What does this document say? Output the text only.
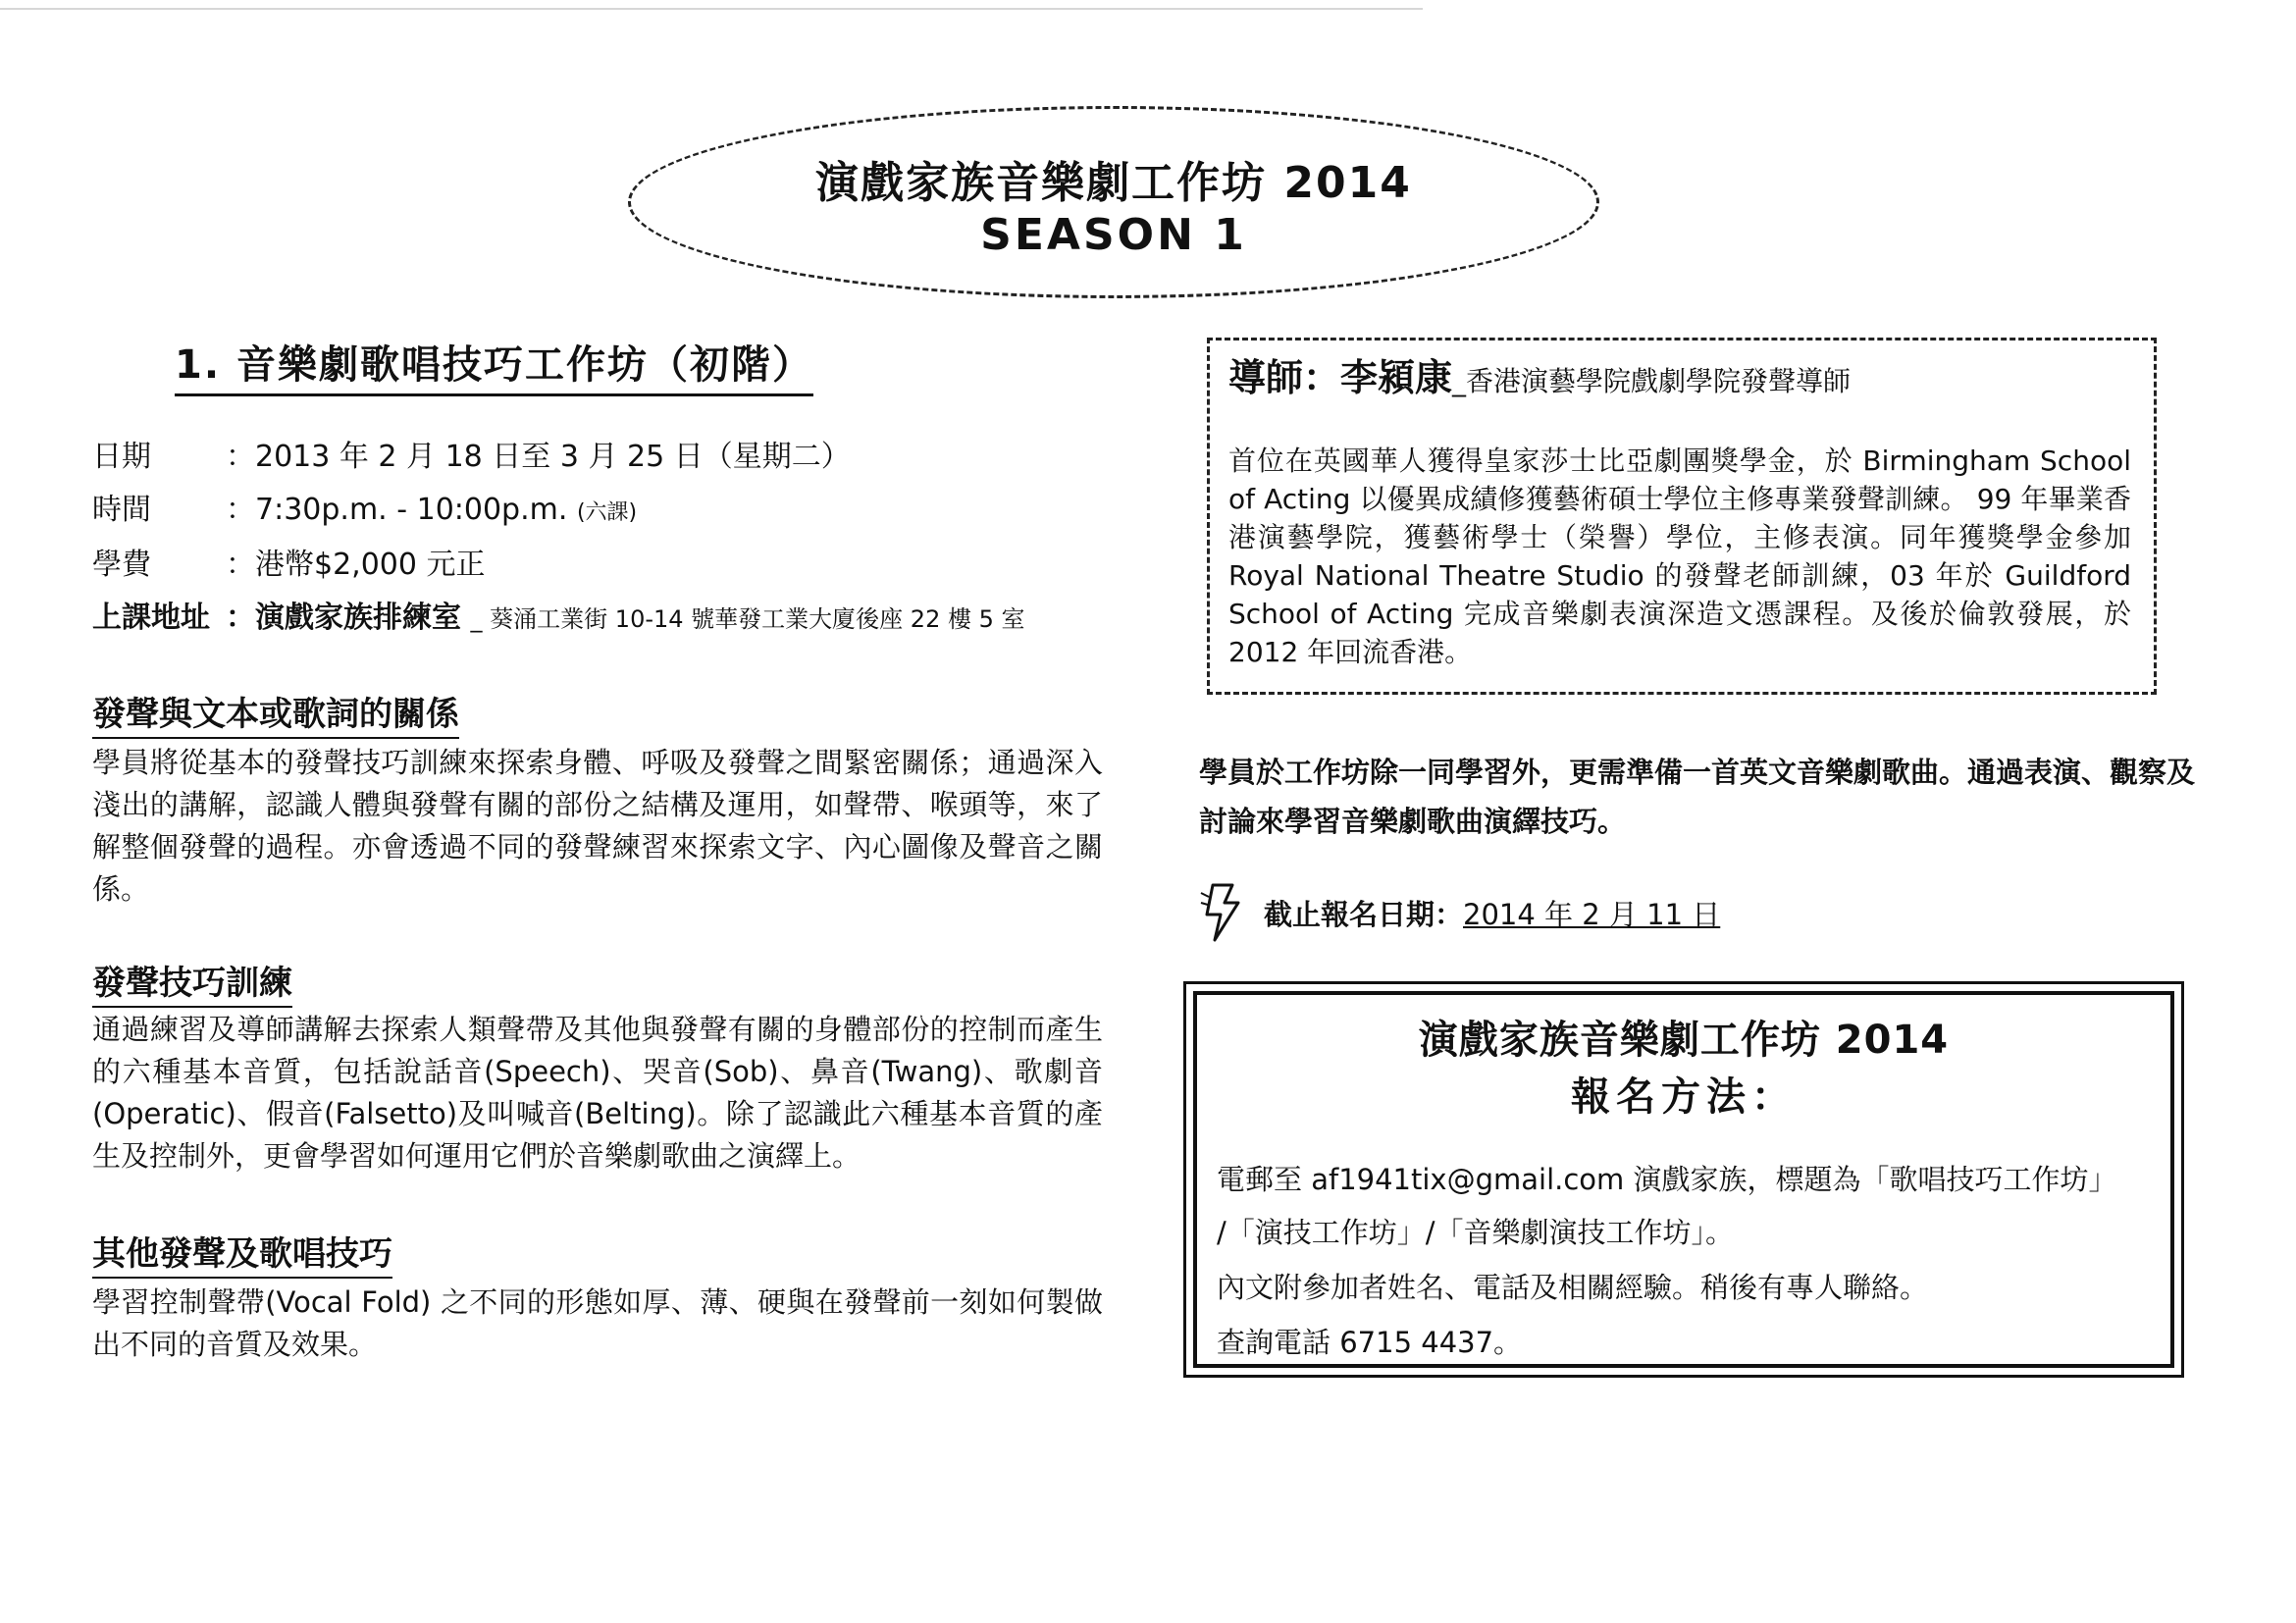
演戲家族音樂劇工作坊 2014
SEASON 1
1. 音樂劇歌唱技巧工作坊（初階）
日期	：2013 年 2 月 18 日至 3 月 25 日（星期二）
時間	：7:30p.m. - 10:00p.m. (六課)
學費	：港幣$2,000 元正
上課地址 ：演戲家族排練室 _ 葵涌工業街 10-14 號華發工業大廈後座 22 樓 5 室
發聲與文本或歌詞的關係
學員將從基本的發聲技巧訓練來探索身體、呼吸及發聲之間緊密關係；通過深入淺出的講解，認識人體與發聲有關的部份之結構及運用，如聲帶、喉頭等，來了解整個發聲的過程。亦會透過不同的發聲練習來探索文字、內心圖像及聲音之關係。
發聲技巧訓練
通過練習及導師講解去探索人類聲帶及其他與發聲有關的身體部份的控制而產生的六種基本音質，包括說話音(Speech)、哭音(Sob)、鼻音(Twang)、歌劇音(Operatic)、假音(Falsetto)及叫喊音(Belting)。除了認識此六種基本音質的產生及控制外，更會學習如何運用它們於音樂劇歌曲之演繹上。
其他發聲及歌唱技巧
學習控制聲帶(Vocal Fold) 之不同的形態如厚、薄、硬與在發聲前一刻如何製做出不同的音質及效果。
導師：李潁康_香港演藝學院戲劇學院發聲導師
首位在英國華人獲得皇家莎士比亞劇團獎學金，於 Birmingham School of Acting 以優異成績修獲藝術碩士學位主修專業發聲訓練。 99 年畢業香港演藝學院，獲藝術學士（榮譽）學位，主修表演。同年獲獎學金參加 Royal National Theatre Studio 的發聲老師訓練，03 年於 Guildford School of Acting 完成音樂劇表演深造文憑課程。及後於倫敦發展，於 2012 年回流香港。
學員於工作坊除一同學習外，更需準備一首英文音樂劇歌曲。通過表演、觀察及討論來學習音樂劇歌曲演繹技巧。
截止報名日期： 2014 年 2 月 11 日
演戲家族音樂劇工作坊 2014
報名方法：
電郵至 af1941tix@gmail.com 演戲家族，標題為「歌唱技巧工作坊」
/「演技工作坊」/「音樂劇演技工作坊」。
內文附參加者姓名、電話及相關經驗。稍後有專人聯絡。
查詢電話 6715 4437。
